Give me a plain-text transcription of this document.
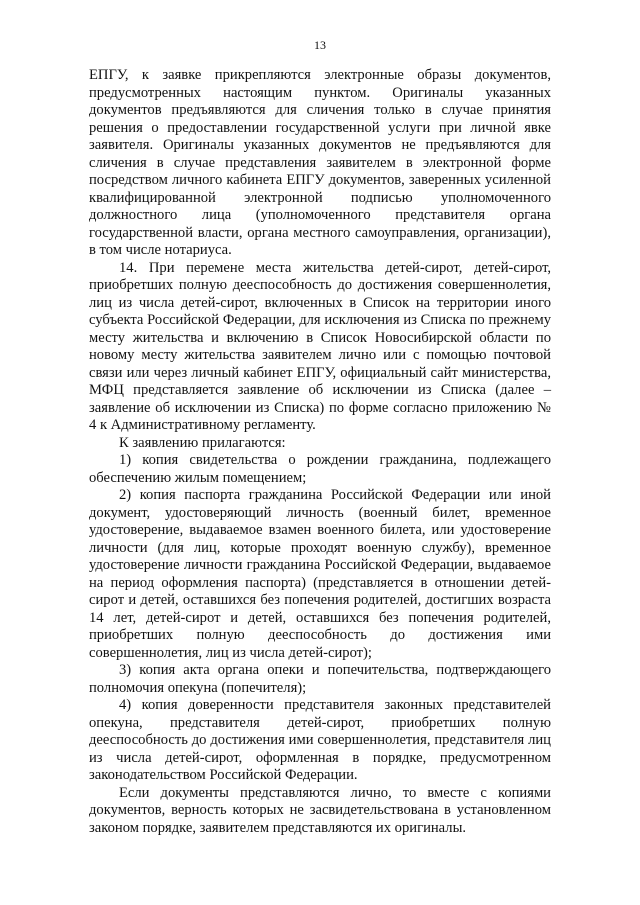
13

ЕПГУ, к заявке прикрепляются электронные образы документов, предусмотренных настоящим пунктом. Оригиналы указанных документов предъявляются для сличения только в случае принятия решения о предоставлении государственной услуги при личной явке заявителя. Оригиналы указанных документов не предъявляются для сличения в случае представления заявителем в электронной форме посредством личного кабинета ЕПГУ документов, заверенных усиленной квалифицированной электронной подписью уполномоченного должностного лица (уполномоченного представителя органа государственной власти, органа местного самоуправления, организации), в том числе нотариуса.

14. При перемене места жительства детей-сирот, детей-сирот, приобретших полную дееспособность до достижения совершеннолетия, лиц из числа детей-сирот, включенных в Список на территории иного субъекта Российской Федерации, для исключения из Списка по прежнему месту жительства и включению в Список Новосибирской области по новому месту жительства заявителем лично или с помощью почтовой связи или через личный кабинет ЕПГУ, официальный сайт министерства, МФЦ представляется заявление об исключении из Списка (далее – заявление об исключении из Списка) по форме согласно приложению № 4 к Административному регламенту.

К заявлению прилагаются:

1) копия свидетельства о рождении гражданина, подлежащего обеспечению жилым помещением;

2) копия паспорта гражданина Российской Федерации или иной документ, удостоверяющий личность (военный билет, временное удостоверение, выдаваемое взамен военного билета, или удостоверение личности (для лиц, которые проходят военную службу), временное удостоверение личности гражданина Российской Федерации, выдаваемое на период оформления паспорта) (представляется в отношении детей-сирот и детей, оставшихся без попечения родителей, достигших возраста 14 лет, детей-сирот и детей, оставшихся без попечения родителей, приобретших полную дееспособность до достижения ими совершеннолетия, лиц из числа детей-сирот);

3) копия акта органа опеки и попечительства, подтверждающего полномочия опекуна (попечителя);

4) копия доверенности представителя законных представителей опекуна, представителя детей-сирот, приобретших полную дееспособность до достижения ими совершеннолетия, представителя лиц из числа детей-сирот, оформленная в порядке, предусмотренном законодательством Российской Федерации.

Если документы представляются лично, то вместе с копиями документов, верность которых не засвидетельствована в установленном законом порядке, заявителем представляются их оригиналы.
